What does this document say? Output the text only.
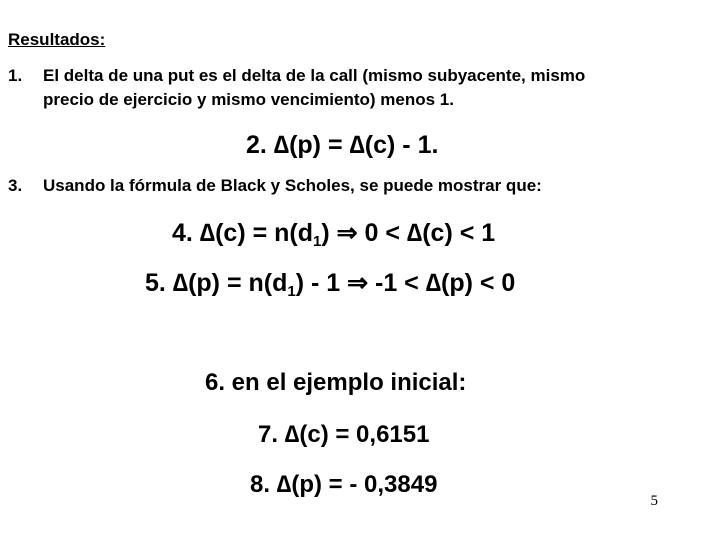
Resultados:
1. El delta de una put es el delta de la call (mismo subyacente, mismo
precio de ejercicio y mismo vencimiento) menos 1.
2. ∆(p) = ∆(c) - 1.
3. Usando la fórmula de Black y Scholes, se puede mostrar que:
4. $\Delta(c) = n(d_1)$ ⇒ 0 < ∆(c) < 1
5. $\Delta(p) = n(d_1) - 1$ ⇒ -1 < ∆(p) < 0
6. en el ejemplo inicial:
7. ∆(c) = 0,6151
8. ∆(p) = - 0,3849
5
